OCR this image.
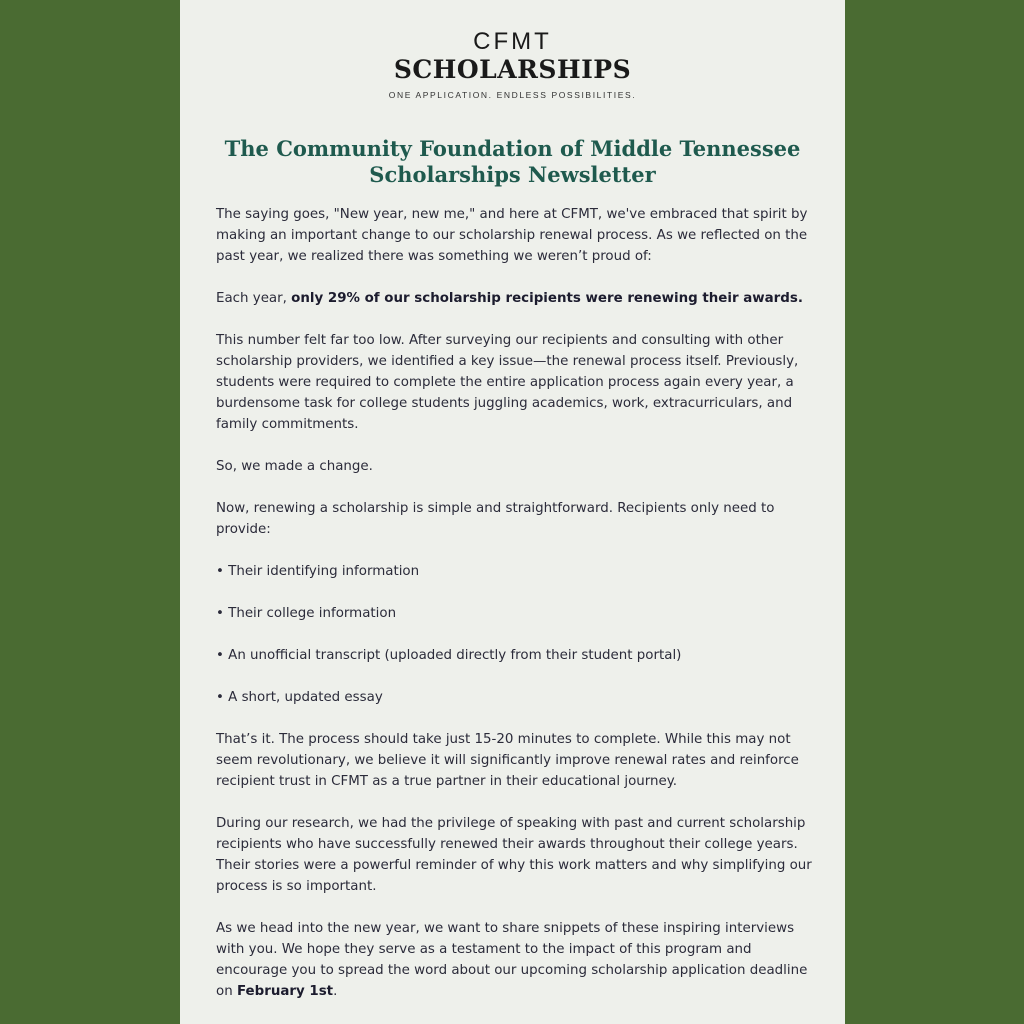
CFMT
SCHOLARSHIPS
ONE APPLICATION. ENDLESS POSSIBILITIES.
The Community Foundation of Middle Tennessee Scholarships Newsletter

The saying goes, "New year, new me," and here at CFMT, we've embraced that spirit by making an important change to our scholarship renewal process. As we reflected on the past year, we realized there was something we weren’t proud of:

Each year, only 29% of our scholarship recipients were renewing their awards.

This number felt far too low. After surveying our recipients and consulting with other scholarship providers, we identified a key issue—the renewal process itself. Previously, students were required to complete the entire application process again every year, a burdensome task for college students juggling academics, work, extracurriculars, and family commitments.

So, we made a change.

Now, renewing a scholarship is simple and straightforward. Recipients only need to provide:

• Their identifying information

• Their college information

• An unofficial transcript (uploaded directly from their student portal)

• A short, updated essay

That’s it. The process should take just 15-20 minutes to complete. While this may not seem revolutionary, we believe it will significantly improve renewal rates and reinforce recipient trust in CFMT as a true partner in their educational journey.

During our research, we had the privilege of speaking with past and current scholarship recipients who have successfully renewed their awards throughout their college years. Their stories were a powerful reminder of why this work matters and why simplifying our process is so important.

As we head into the new year, we want to share snippets of these inspiring interviews with you. We hope they serve as a testament to the impact of this program and encourage you to spread the word about our upcoming scholarship application deadline on February 1st.
